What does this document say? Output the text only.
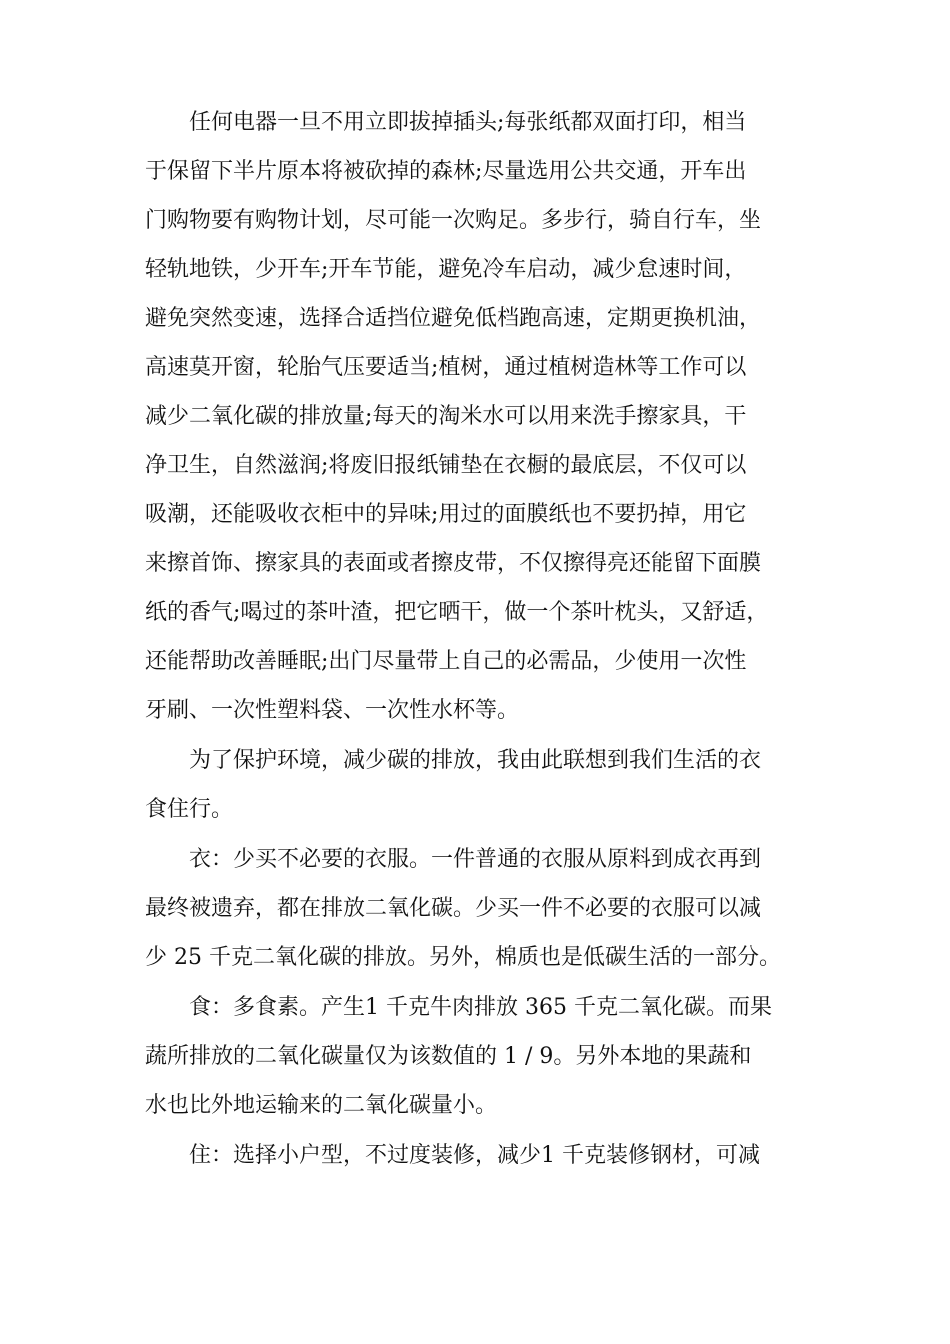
任何电器一旦不用立即拔掉插头;每张纸都双面打印，相当
于保留下半片原本将被砍掉的森林;尽量选用公共交通，开车出
门购物要有购物计划，尽可能一次购足。多步行，骑自行车，坐
轻轨地铁，少开车;开车节能，避免冷车启动，减少怠速时间，
避免突然变速，选择合适挡位避免低档跑高速，定期更换机油，
高速莫开窗，轮胎气压要适当;植树，通过植树造林等工作可以
减少二氧化碳的排放量;每天的淘米水可以用来洗手擦家具，干
净卫生，自然滋润;将废旧报纸铺垫在衣橱的最底层，不仅可以
吸潮，还能吸收衣柜中的异味;用过的面膜纸也不要扔掉，用它
来擦首饰、擦家具的表面或者擦皮带，不仅擦得亮还能留下面膜
纸的香气;喝过的茶叶渣，把它晒干，做一个茶叶枕头，又舒适，
还能帮助改善睡眠;出门尽量带上自己的必需品，少使用一次性
牙刷、一次性塑料袋、一次性水杯等。
为了保护环境，减少碳的排放，我由此联想到我们生活的衣
食住行。
衣：少买不必要的衣服。一件普通的衣服从原料到成衣再到
最终被遗弃，都在排放二氧化碳。少买一件不必要的衣服可以减
少 25 千克二氧化碳的排放。另外，棉质也是低碳生活的一部分。
食：多食素。产生1 千克牛肉排放 365 千克二氧化碳。而果
蔬所排放的二氧化碳量仅为该数值的 1 / 9。另外本地的果蔬和
水也比外地运输来的二氧化碳量小。
住：选择小户型，不过度装修，减少1 千克装修钢材，可减
